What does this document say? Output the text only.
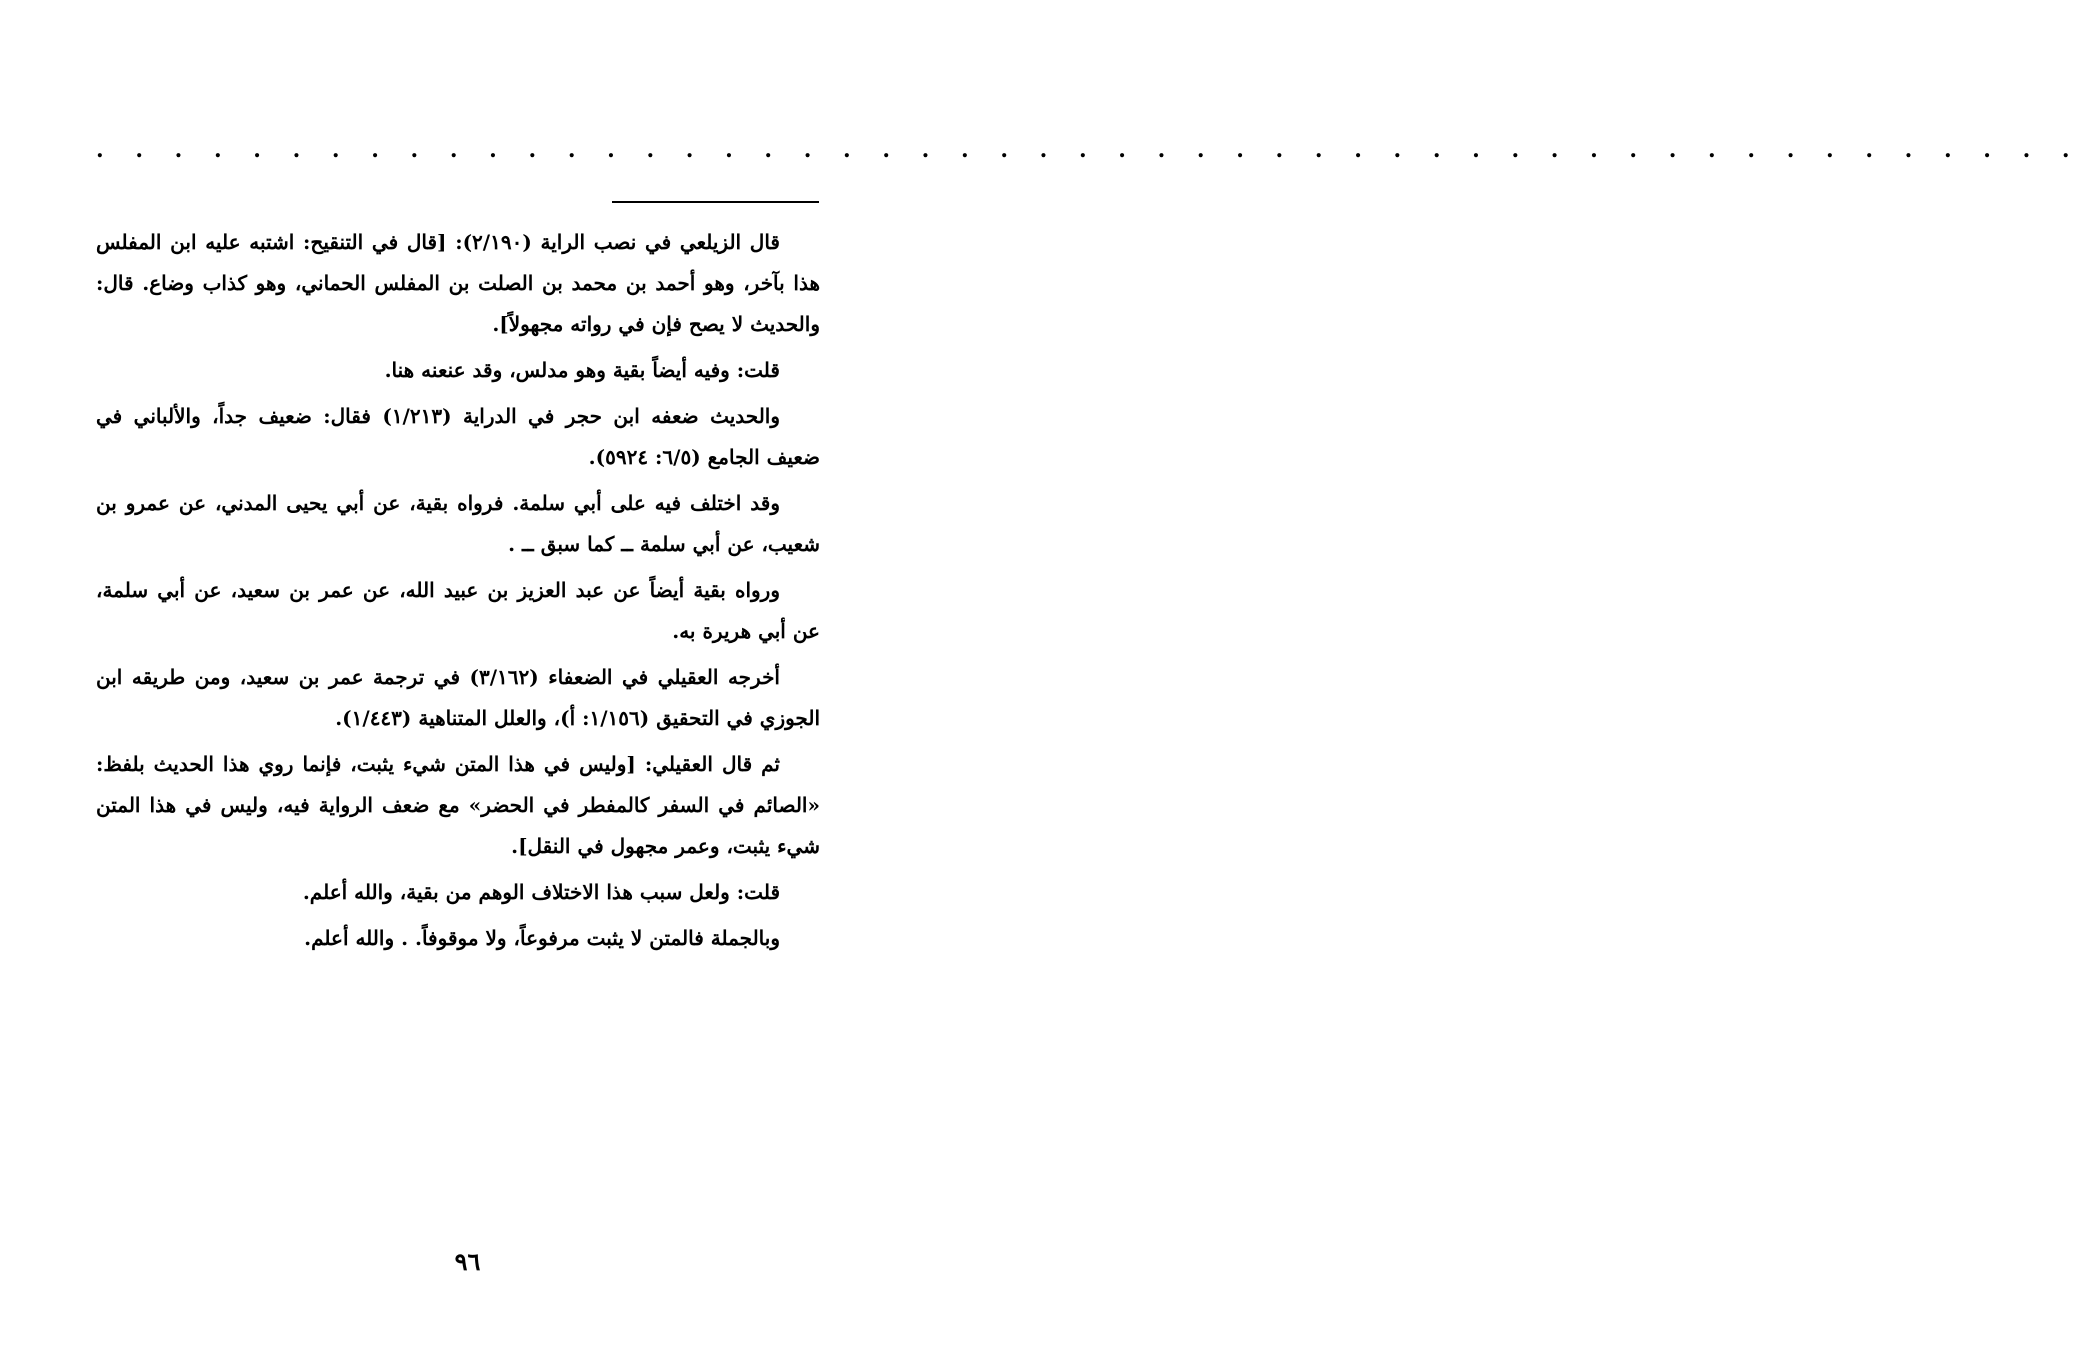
. . . . . . . . . . . . . . . . . . . . . . . . . . . . . . . . . . . . . . . . . . . . . . . . . . .

قال الزيلعي في نصب الراية (٢/١٩٠): [قال في التنقيح: اشتبه عليه ابن المفلس هذا بآخر، وهو أحمد بن محمد بن الصلت بن المفلس الحماني، وهو كذاب وضاع. قال: والحديث لا يصح فإن في رواته مجهولاً].

قلت: وفيه أيضاً بقية وهو مدلس، وقد عنعنه هنا.

والحديث ضعفه ابن حجر في الدراية (١/٢١٣) فقال: ضعيف جداً، والألباني في ضعيف الجامع (٦/٥: ٥٩٢٤).

وقد اختلف فيه على أبي سلمة. فرواه بقية، عن أبي يحيى المدني، عن عمرو بن شعيب، عن أبي سلمة ــ كما سبق ــ .

ورواه بقية أيضاً عن عبد العزيز بن عبيد الله، عن عمر بن سعيد، عن أبي سلمة، عن أبي هريرة به.

أخرجه العقيلي في الضعفاء (٣/١٦٢) في ترجمة عمر بن سعيد، ومن طريقه ابن الجوزي في التحقيق (١/١٥٦: أ)، والعلل المتناهية (١/٤٤٣).

ثم قال العقيلي: [وليس في هذا المتن شيء يثبت، فإنما روي هذا الحديث بلفظ: «الصائم في السفر كالمفطر في الحضر» مع ضعف الرواية فيه، وليس في هذا المتن شيء يثبت، وعمر مجهول في النقل].

قلت: ولعل سبب هذا الاختلاف الوهم من بقية، والله أعلم.

وبالجملة فالمتن لا يثبت مرفوعاً، ولا موقوفاً. . والله أعلم.

٩٦
